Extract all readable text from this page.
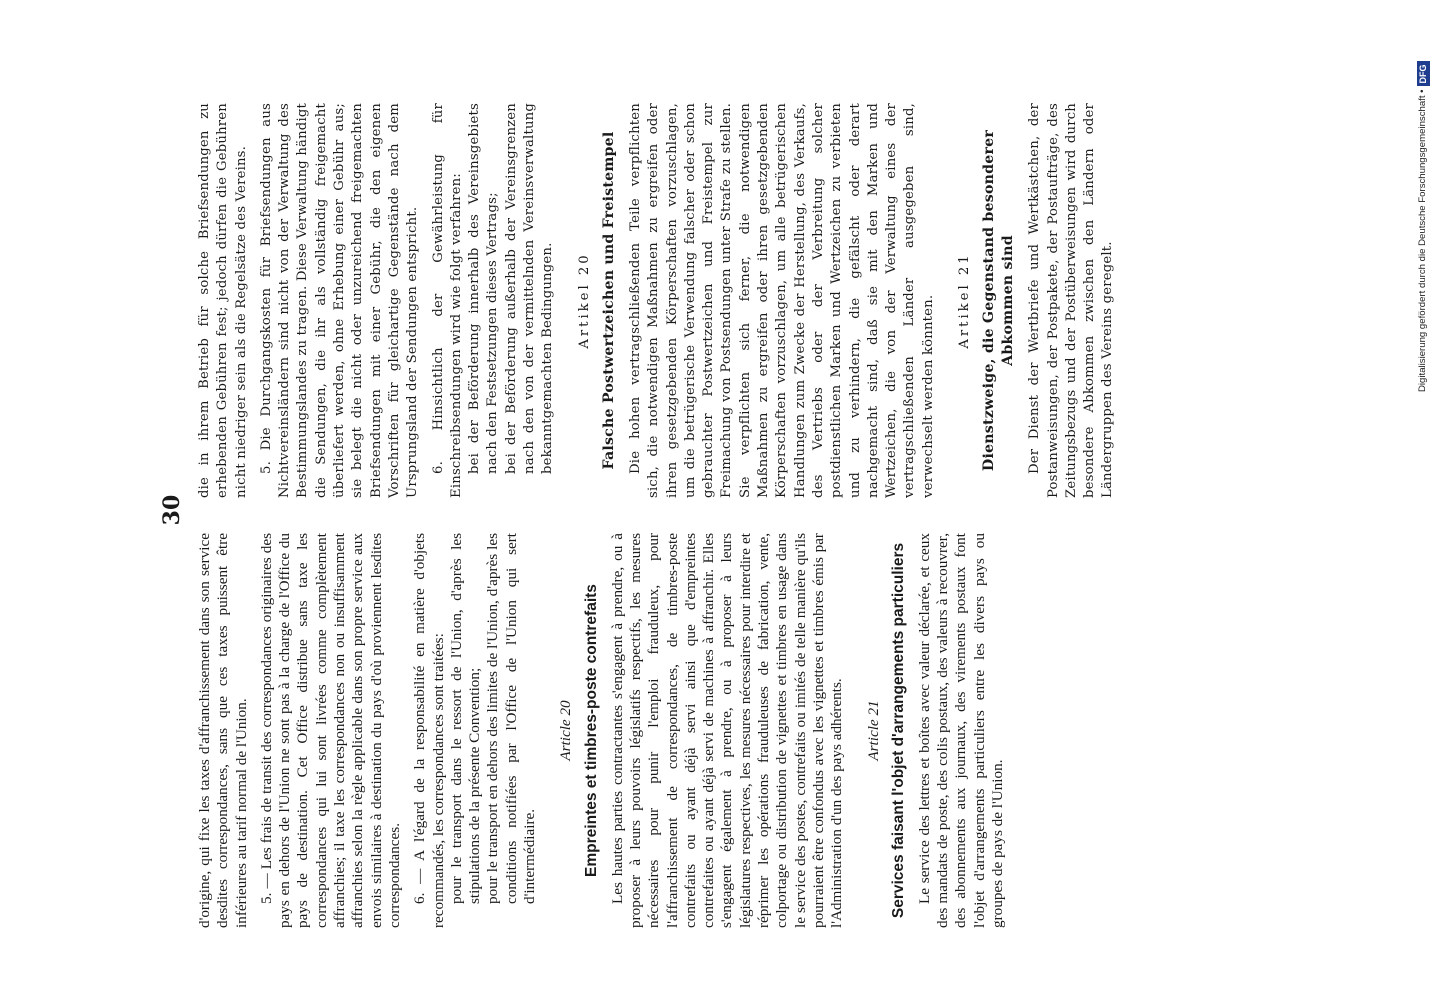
30

d'origine, qui fixe les taxes d'affranchissement dans son service desdites correspondances, sans que ces taxes puissent être inférieures au tarif normal de l'Union. 5. — Les frais de transit des correspondances originaires des pays en dehors de l'Union ne sont pas à la charge de l'Office du pays de destination. Cet Office distribue sans taxe les correspondances qui lui sont livrées comme complètement affranchies; il taxe les correspondances non ou insuffisamment affranchies selon la règle applicable dans son propre service aux envois similaires à destination du pays d'où proviennent lesdites correspondances. 6. — A l'égard de la responsabilité en matière d'objets recommandés, les correspondances sont traitées: pour le transport dans le ressort de l'Union, d'après les stipulations de la présente Convention; pour le transport en dehors des limites de l'Union, d'après les conditions notifiées par l'Office de l'Union qui sert d'intermédiaire.

Article 20 Empreintes et timbres-poste contrefaits Les hautes parties contractantes s'engagent à prendre, ou à proposer à leurs pouvoirs législatifs respectifs, les mesures nécessaires pour punir l'emploi frauduleux, pour l'affranchissement de correspondances, de timbres-poste contrefaits ou ayant déjà servi ainsi que d'empreintes contrefaites ou ayant déjà servi de machines à affranchir. Elles s'engagent également à prendre, ou à proposer à leurs législatures respectives, les mesures nécessaires pour interdire et réprimer les opérations frauduleuses de fabrication, vente, colportage ou distribution de vignettes et timbres en usage dans le service des postes, contrefaits ou imités de telle manière qu'ils pourraient être confondus avec les vignettes et timbres émis par l'Administration d'un des pays adhérents. Article 21 Services faisant l'objet d'arrangements particuliers Le service des lettres et boîtes avec valeur déclarée, et ceux des mandats de poste, des colis postaux, des valeurs à recouvrer, des abonnements aux journaux, des virements postaux font l'objet d'arrangements particuliers entre les divers pays ou groupes de pays de l'Union.

die in ihrem Betrieb für solche Briefsendungen zu erhebenden Gebühren fest; jedoch dürfen die Gebühren nicht niedriger sein als die Regelsätze des Vereins. 5. Die Durchgangskosten für Briefsendungen aus Nichtvereinsländern sind nicht von der Verwaltung des Bestimmungslandes zu tragen. Diese Verwaltung händigt die Sendungen, die ihr als vollständig freigemacht überliefert werden, ohne Erhebung einer Gebühr aus; sie belegt die nicht oder unzureichend freigemachten Briefsendungen mit einer Gebühr, die den eigenen Vorschriften für gleichartige Gegenstände nach dem Ursprungsland der Sendungen entspricht. 6. Hinsichtlich der Gewährleistung für Einschreibsendungen wird wie folgt verfahren: bei der Beförderung innerhalb des Vereinsgebiets nach den Festsetzungen dieses Vertrags; bei der Beförderung außerhalb der Vereinsgrenzen nach den von der vermittelnden Vereinsverwaltung bekanntgemachten Bedingungen. Artikel 20 Falsche Postwertzeichen und Freistempel Die hohen vertragschließenden Teile verpflichten sich, die notwendigen Maßnahmen zu ergreifen oder ihren gesetzgebenden Körperschaften vorzuschlagen, um die betrügerische Verwendung falscher oder schon gebrauchter Postwertzeichen und Freistempel zur Freimachung von Postsendungen unter Strafe zu stellen. Sie verpflichten sich ferner, die notwendigen Maßnahmen zu ergreifen oder ihren gesetzgebenden Körperschaften vorzuschlagen, um alle betrügerischen Handlungen zum Zwecke der Herstellung, des Verkaufs, des Vertriebs oder der Verbreitung solcher postdienstlichen Marken und Wertzeichen zu verbieten und zu verhindern, die gefälscht oder derart nachgemacht sind, daß sie mit den Marken und Wertzeichen, die von der Verwaltung eines der vertragschließenden Länder ausgegeben sind, verwechselt werden könnten. Artikel 21 Dienstzweige, die Gegenstand besonderer Abkommen sind Der Dienst der Wertbriefe und Wertkästchen, der Postanweisungen, der Postpakete, der Postaufträge, des Zeitungsbezugs und der Postüberweisungen wird durch besondere Abkommen zwischen den Ländern oder Ländergruppen des Vereins geregelt.	Digitalisierung gefördert durch die Deutsche Forschungsgemeinschaft •
DFG
